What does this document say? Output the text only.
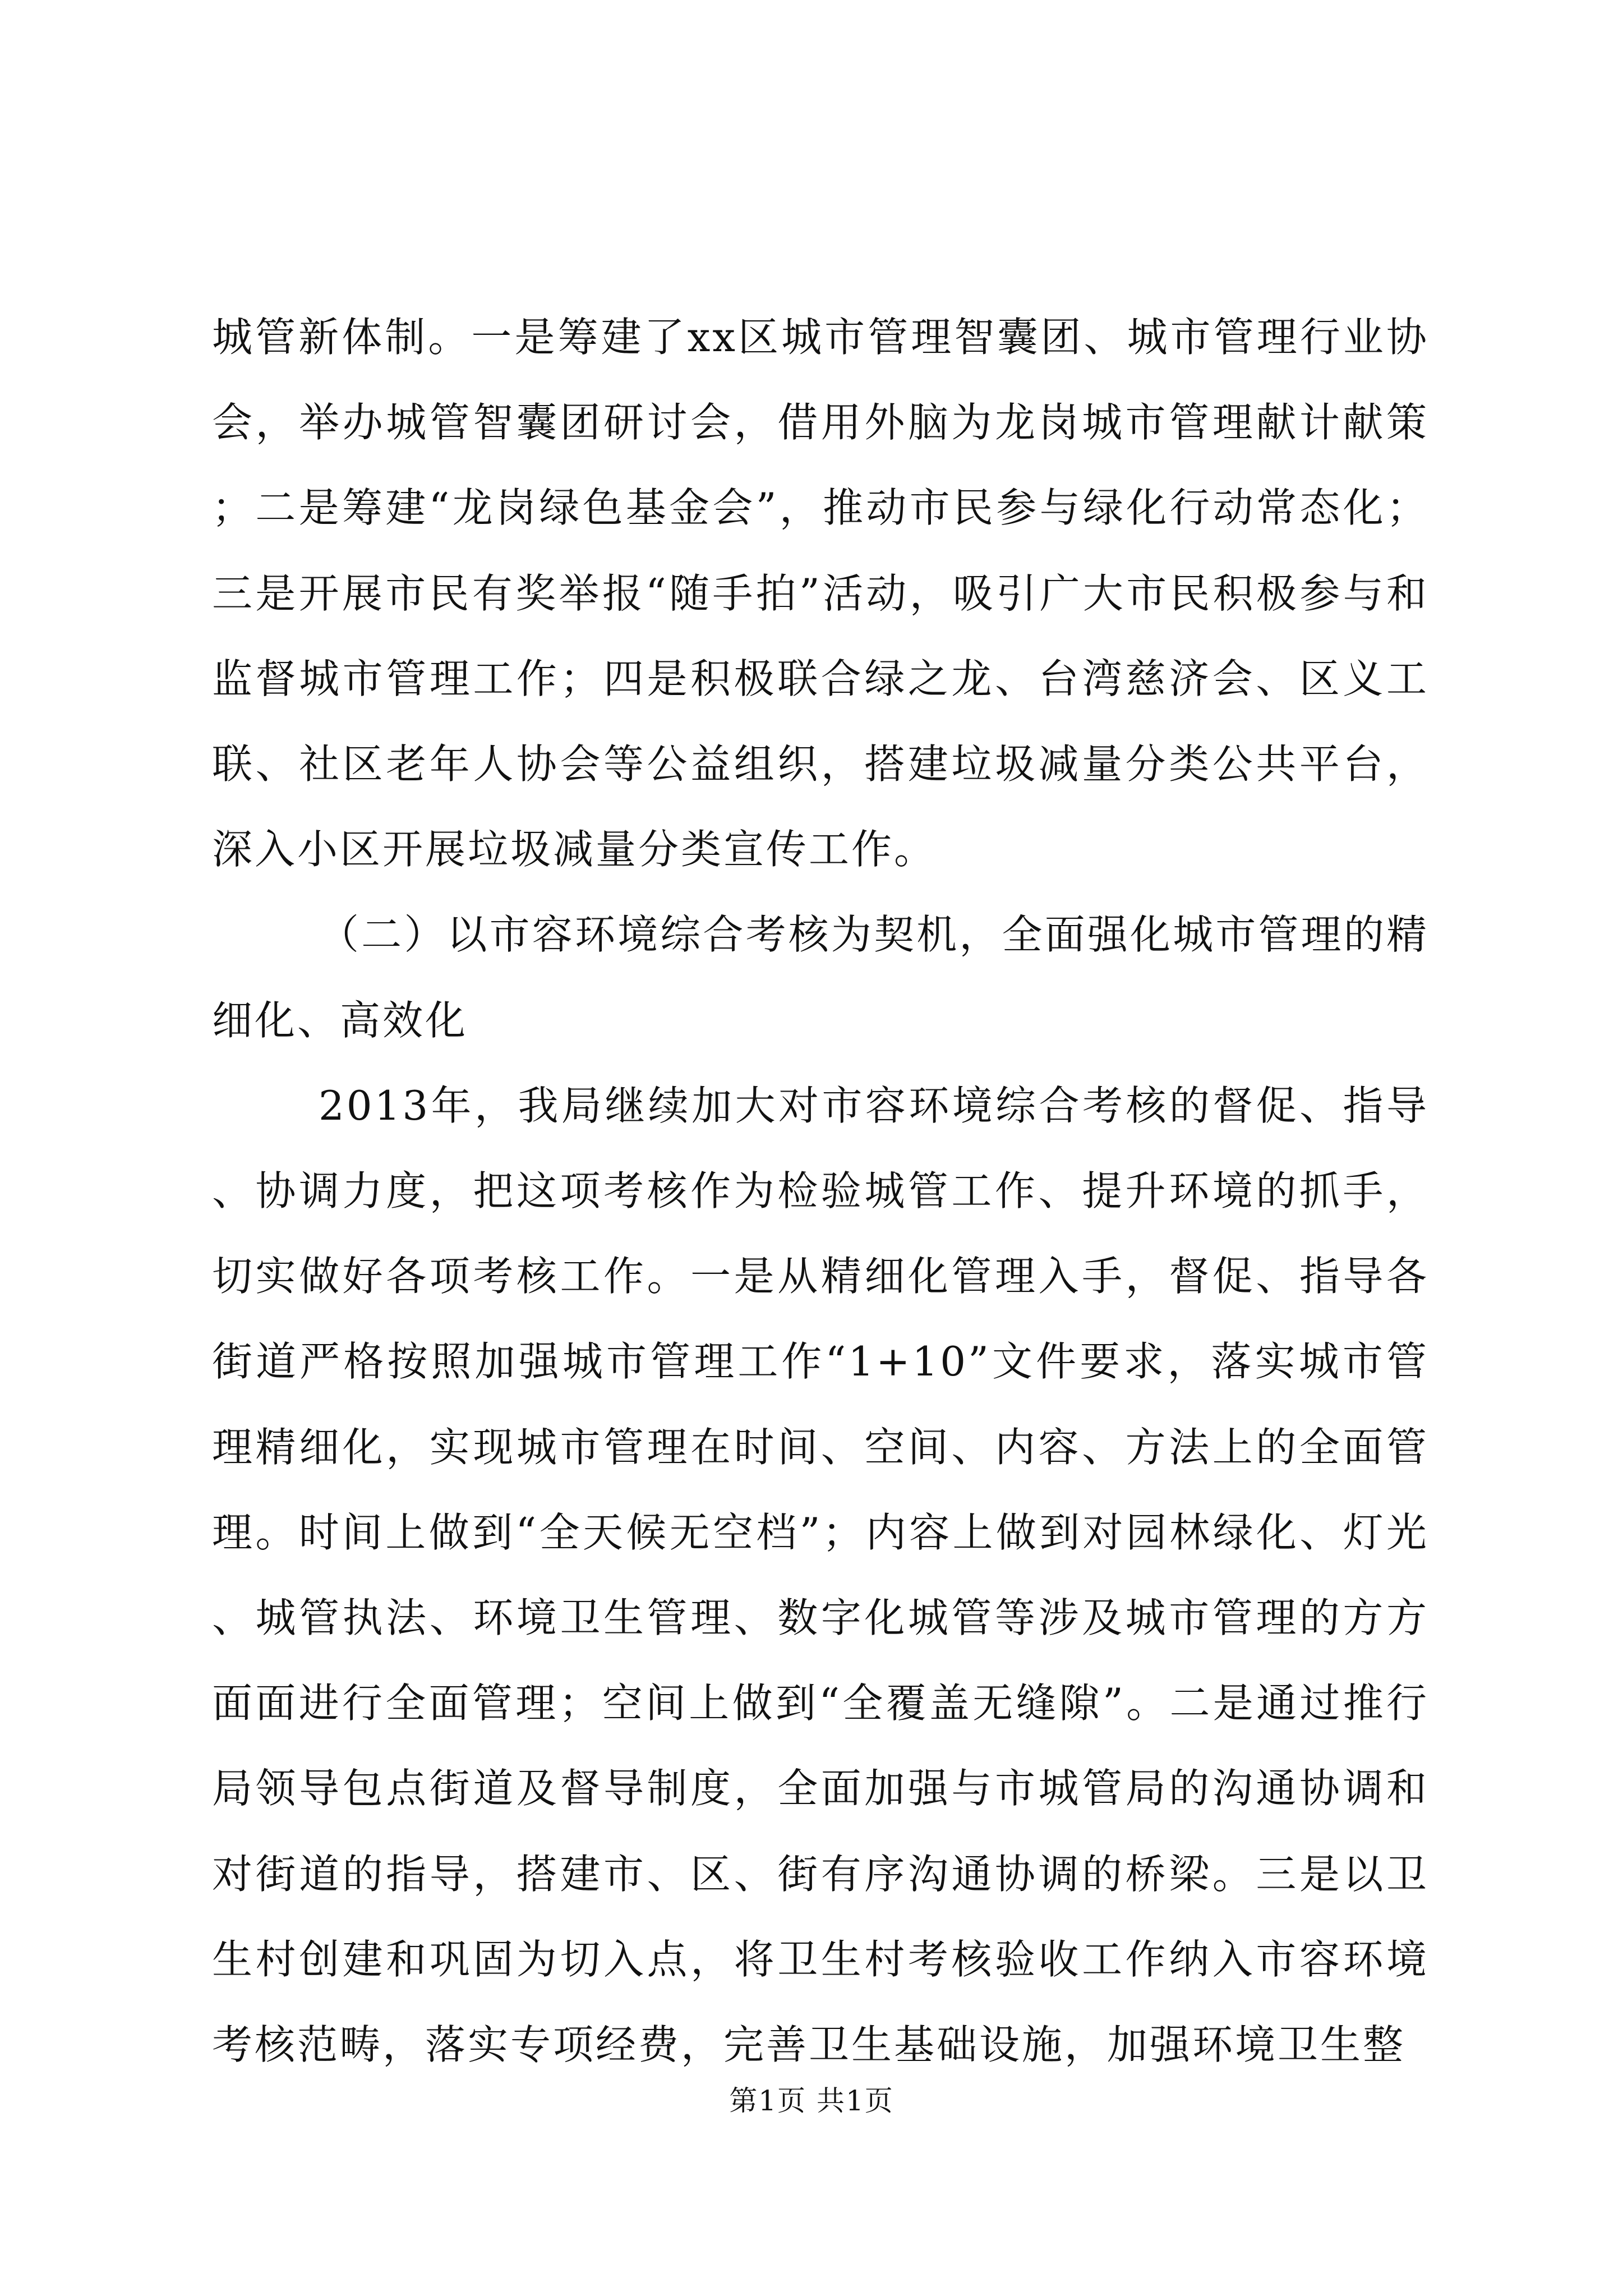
城管新体制。一是筹建了xx区城市管理智囊团、城市管理行业协会，举办城管智囊团研讨会，借用外脑为龙岗城市管理献计献策；二是筹建“龙岗绿色基金会”，推动市民参与绿化行动常态化；三是开展市民有奖举报“随手拍”活动，吸引广大市民积极参与和监督城市管理工作；四是积极联合绿之龙、台湾慈济会、区义工联、社区老年人协会等公益组织，搭建垃圾减量分类公共平台，深入小区开展垃圾减量分类宣传工作。

（二）以市容环境综合考核为契机，全面强化城市管理的精细化、高效化

2013年，我局继续加大对市容环境综合考核的督促、指导、协调力度，把这项考核作为检验城管工作、提升环境的抓手，切实做好各项考核工作。一是从精细化管理入手，督促、指导各街道严格按照加强城市管理工作“1+10”文件要求，落实城市管理精细化，实现城市管理在时间、空间、内容、方法上的全面管理。时间上做到“全天候无空档”；内容上做到对园林绿化、灯光、城管执法、环境卫生管理、数字化城管等涉及城市管理的方方面面进行全面管理；空间上做到“全覆盖无缝隙”。二是通过推行局领导包点街道及督导制度，全面加强与市城管局的沟通协调和对街道的指导，搭建市、区、街有序沟通协调的桥梁。三是以卫生村创建和巩固为切入点，将卫生村考核验收工作纳入市容环境考核范畴，落实专项经费，完善卫生基础设施，加强环境卫生整

第1页 共1页
